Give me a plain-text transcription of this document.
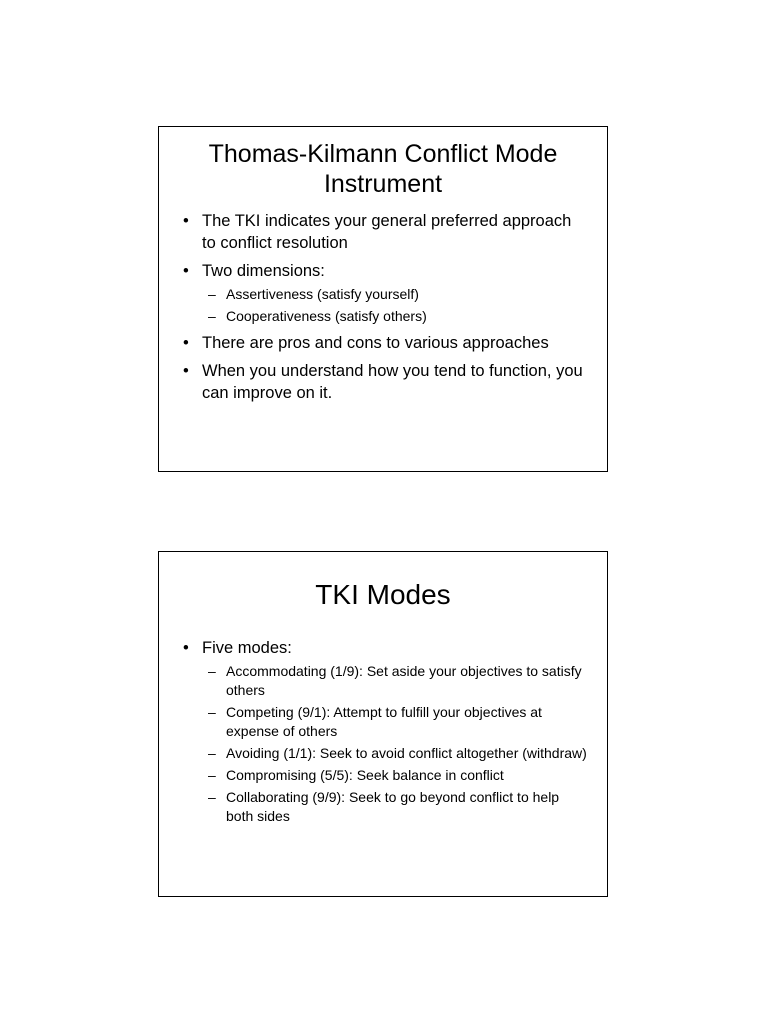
Thomas-Kilmann Conflict Mode
Instrument
• The TKI indicates your general preferred approach to conflict resolution
• Two dimensions:
– Assertiveness (satisfy yourself)
– Cooperativeness (satisfy others)
• There are pros and cons to various approaches
• When you understand how you tend to function, you can improve on it.
TKI Modes
• Five modes:
– Accommodating (1/9): Set aside your objectives to satisfy others
– Competing (9/1): Attempt to fulfill your objectives at expense of others
– Avoiding (1/1): Seek to avoid conflict altogether (withdraw)
– Compromising (5/5): Seek balance in conflict
– Collaborating (9/9): Seek to go beyond conflict to help both sides
